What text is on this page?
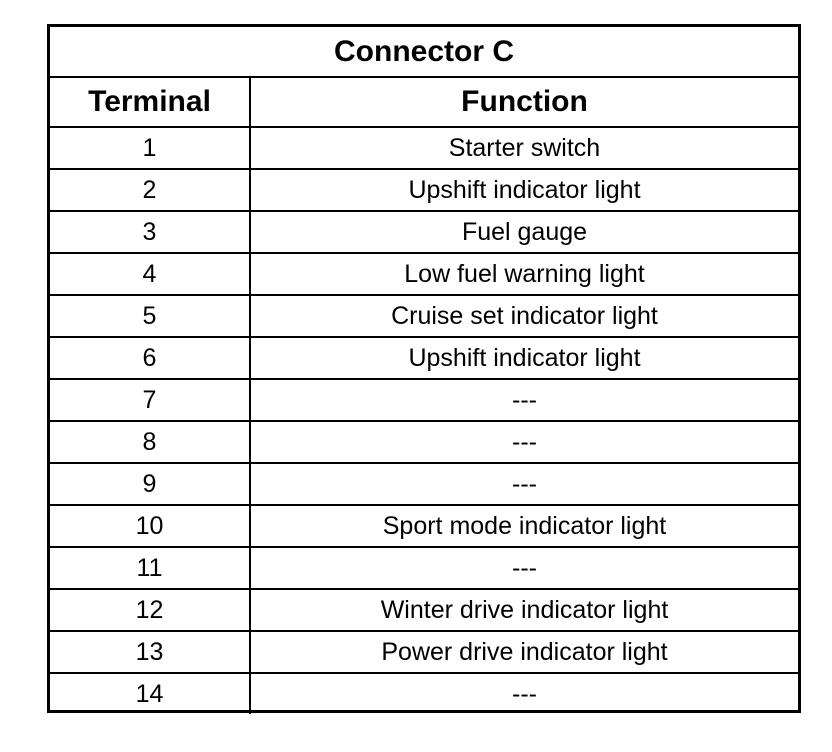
Connector C	
Terminal	Function
1	Starter switch
2	Upshift indicator light
3	Fuel gauge
4	Low fuel warning light
5	Cruise set indicator light
6	Upshift indicator light
7	---
8	---
9	---
10	Sport mode indicator light
11	---
12	Winter drive indicator light
13	Power drive indicator light
14	---
